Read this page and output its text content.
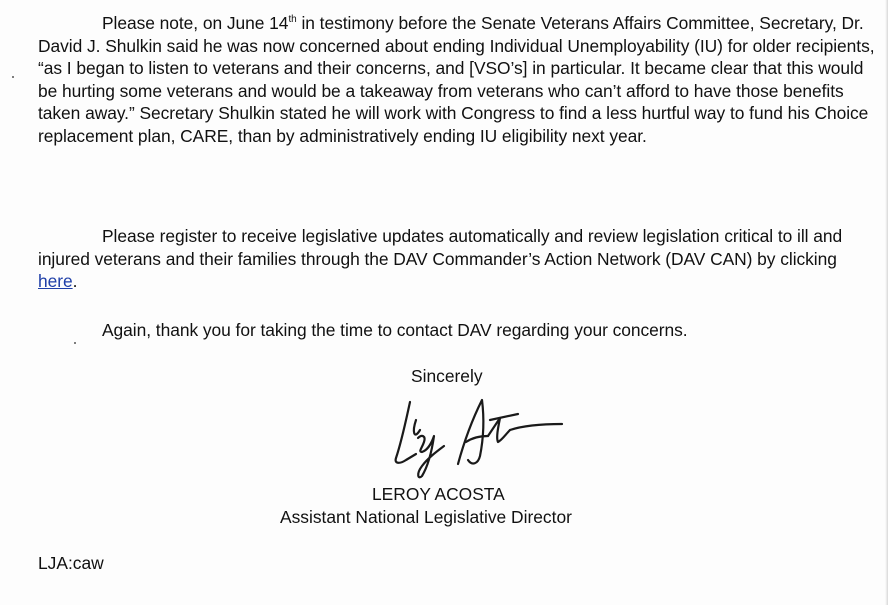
Please note, on June 14th in testimony before the Senate Veterans Affairs Committee, Secretary, Dr. David J. Shulkin said he was now concerned about ending Individual Unemployability (IU) for older recipients, “as I began to listen to veterans and their concerns, and [VSO’s] in particular. It became clear that this would be hurting some veterans and would be a takeaway from veterans who can’t afford to have those benefits taken away.” Secretary Shulkin stated he will work with Congress to find a less hurtful way to fund his Choice replacement plan, CARE, than by administratively ending IU eligibility next year.

Please register to receive legislative updates automatically and review legislation critical to ill and injured veterans and their families through the DAV Commander’s Action Network (DAV CAN) by clicking here.

Again, thank you for taking the time to contact DAV regarding your concerns.

Sincerely

LEROY ACOSTA

Assistant National Legislative Director

LJA:caw
